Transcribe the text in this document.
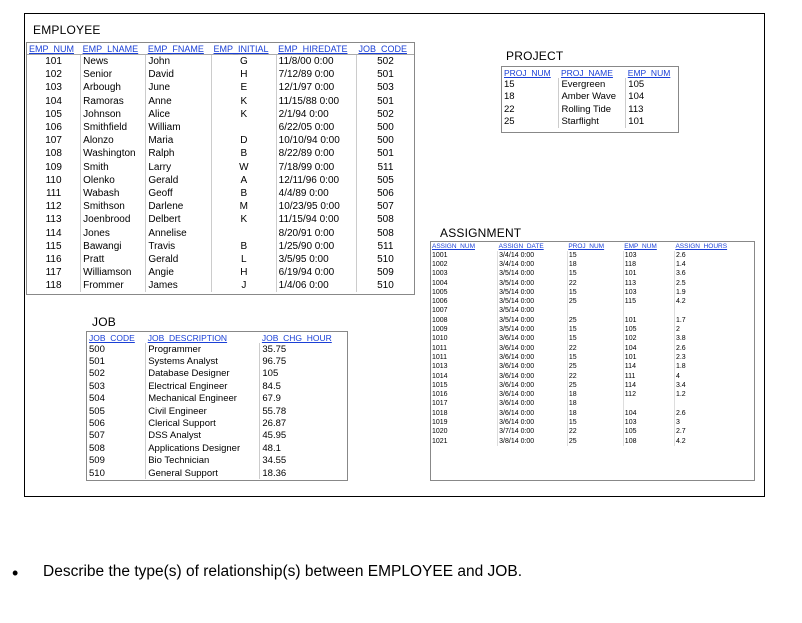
EMPLOYEE
EMP_NUM	EMP_LNAME	EMP_FNAME	EMP_INITIAL	EMP_HIREDATE	JOB_CODE
101	News	John	G	11/8/00 0:00	502
102	Senior	David	H	7/12/89 0:00	501
103	Arbough	June	E	12/1/97 0:00	503
104	Ramoras	Anne	K	11/15/88 0:00	501
105	Johnson	Alice	K	2/1/94 0:00	502
106	Smithfield	William		6/22/05 0:00	500
107	Alonzo	Maria	D	10/10/94 0:00	500
108	Washington	Ralph	B	8/22/89 0:00	501
109	Smith	Larry	W	7/18/99 0:00	511
110	Olenko	Gerald	A	12/11/96 0:00	505
111	Wabash	Geoff	B	4/4/89 0:00	506
112	Smithson	Darlene	M	10/23/95 0:00	507
113	Joenbrood	Delbert	K	11/15/94 0:00	508
114	Jones	Annelise		8/20/91 0:00	508
115	Bawangi	Travis	B	1/25/90 0:00	511
116	Pratt	Gerald	L	3/5/95 0:00	510
117	Williamson	Angie	H	6/19/94 0:00	509
118	Frommer	James	J	1/4/06 0:00	510
PROJECT
PROJ_NUM	PROJ_NAME	EMP_NUM
15	Evergreen	105
18	Amber Wave	104
22	Rolling Tide	113
25	Starflight	101
ASSIGNMENT
ASSIGN_NUM	ASSIGN_DATE	PROJ_NUM	EMP_NUM	ASSIGN_HOURS
1001	3/4/14 0:00	15	103	2.6
1002	3/4/14 0:00	18	118	1.4
1003	3/5/14 0:00	15	101	3.6
1004	3/5/14 0:00	22	113	2.5
1005	3/5/14 0:00	15	103	1.9
1006	3/5/14 0:00	25	115	4.2
1007	3/5/14 0:00			
1008	3/5/14 0:00	25	101	1.7
1009	3/5/14 0:00	15	105	2
1010	3/6/14 0:00	15	102	3.8
1011	3/6/14 0:00	22	104	2.6
1011	3/6/14 0:00	15	101	2.3
1013	3/6/14 0:00	25	114	1.8
1014	3/6/14 0:00	22	111	4
1015	3/6/14 0:00	25	114	3.4
1016	3/6/14 0:00	18	112	1.2
1017	3/6/14 0:00	18		
1018	3/6/14 0:00	18	104	2.6
1019	3/6/14 0:00	15	103	3
1020	3/7/14 0:00	22	105	2.7
1021	3/8/14 0:00	25	108	4.2
JOB
JOB_CODE	JOB_DESCRIPTION	JOB_CHG_HOUR
500	Programmer	35.75
501	Systems Analyst	96.75
502	Database Designer	105
503	Electrical Engineer	84.5
504	Mechanical Engineer	67.9
505	Civil Engineer	55.78
506	Clerical Support	26.87
507	DSS Analyst	45.95
508	Applications Designer	48.1
509	Bio Technician	34.55
510	General Support	18.36
• Describe the type(s) of relationship(s) between EMPLOYEE and JOB.
